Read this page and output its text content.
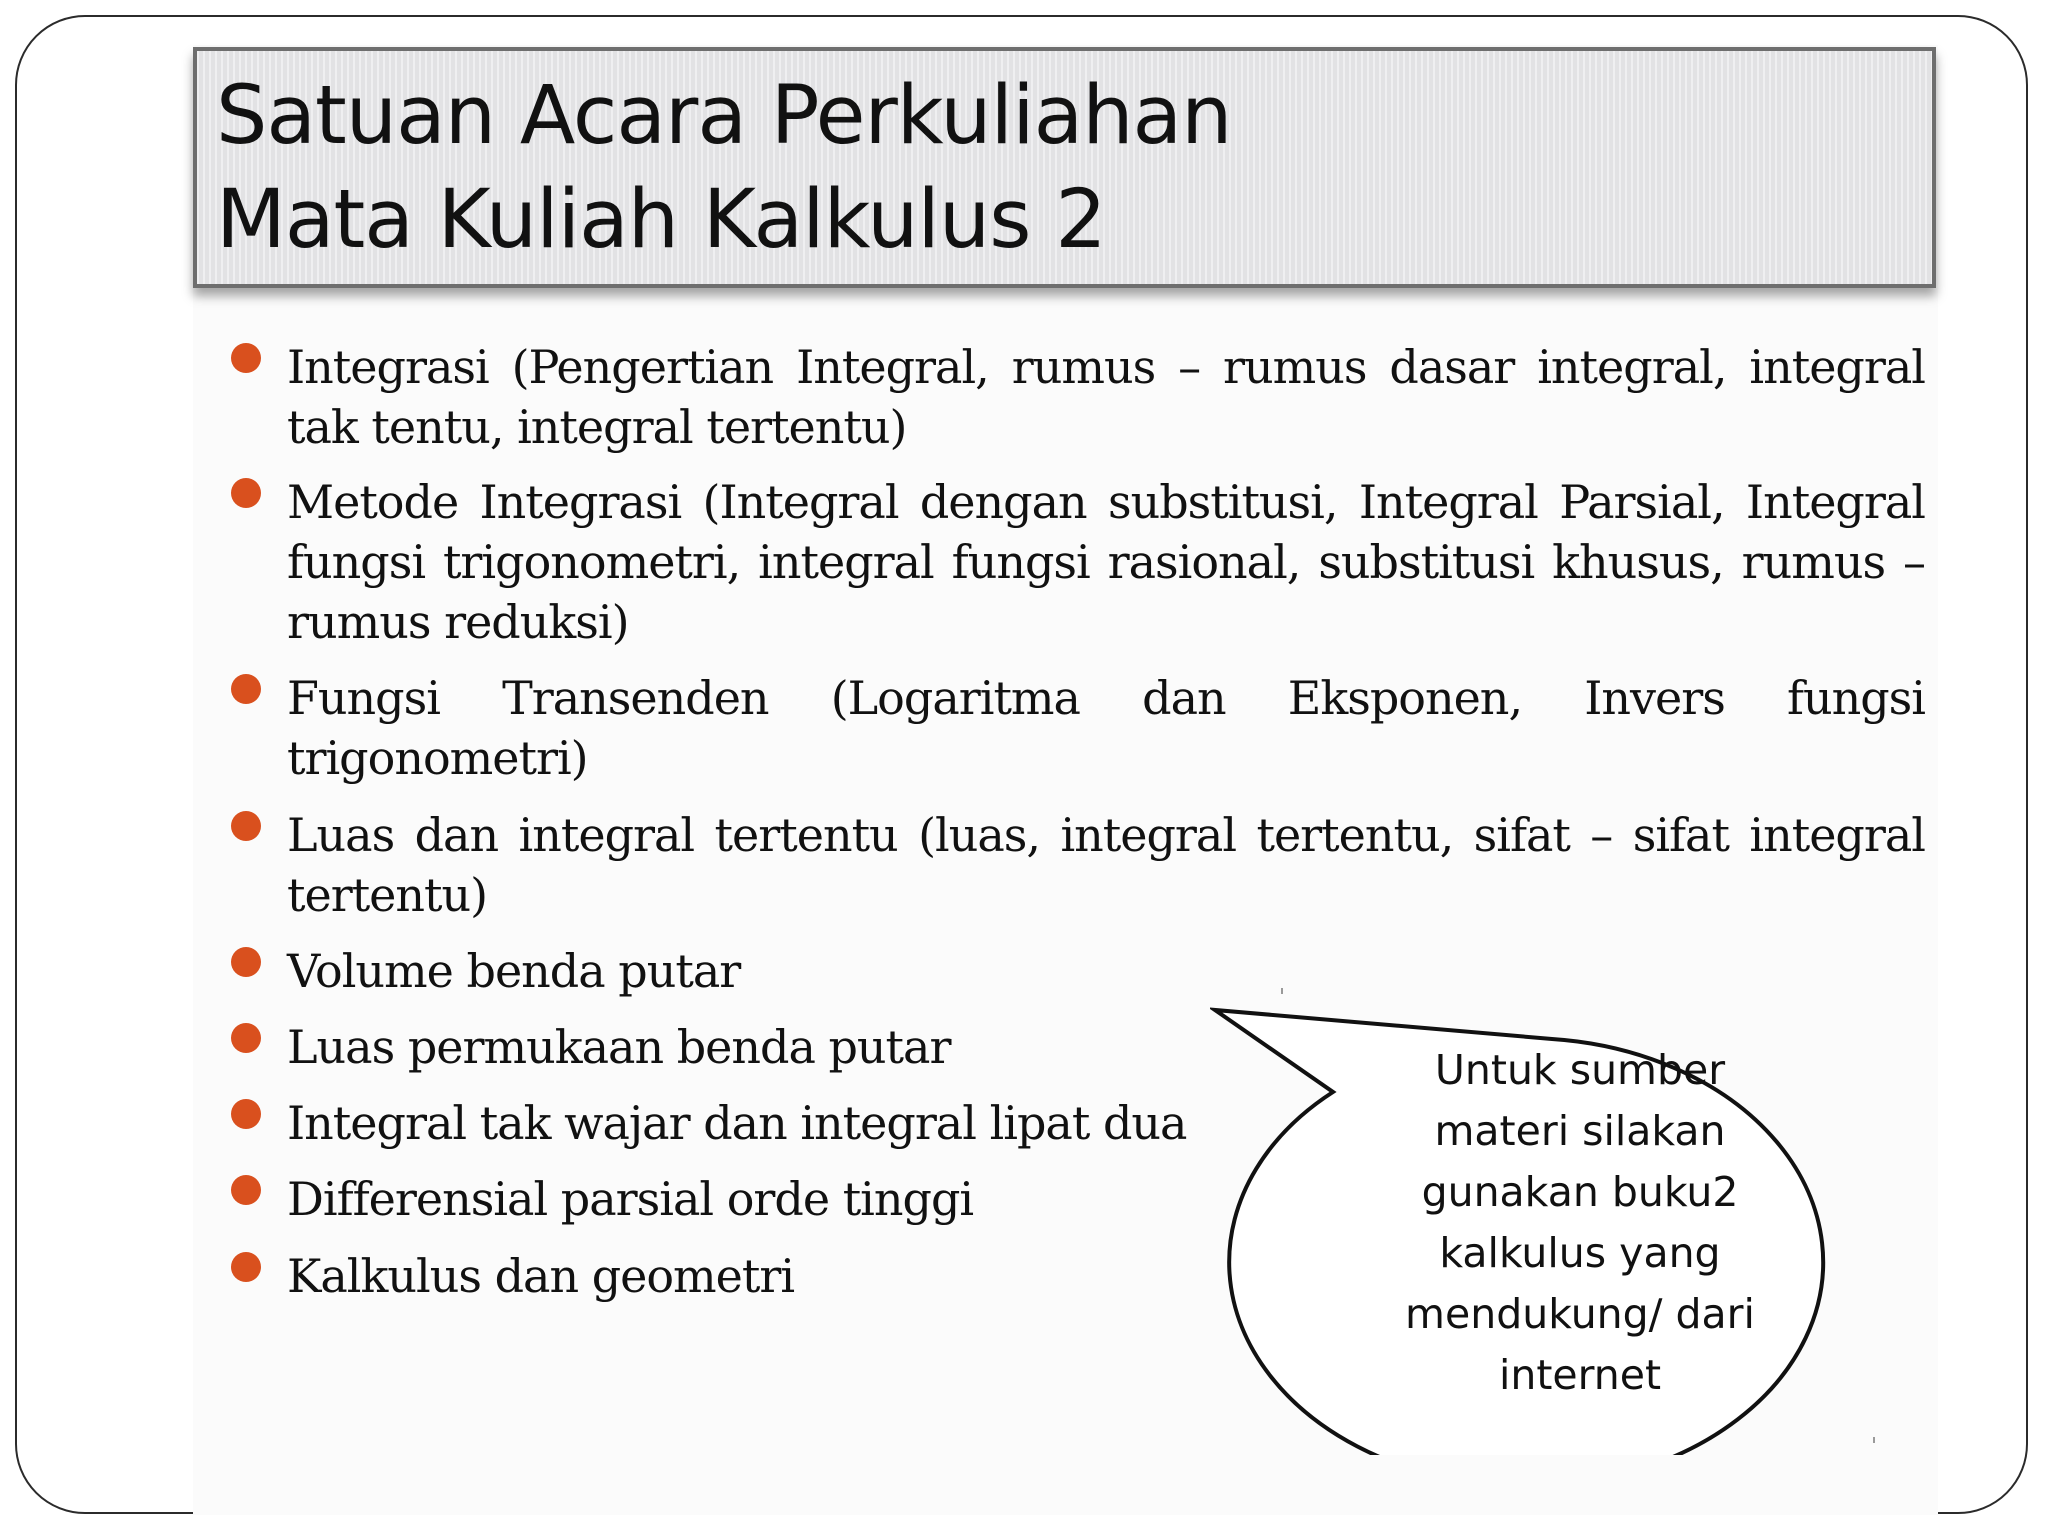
Satuan Acara Perkuliahan
Mata Kuliah Kalkulus 2
Integrasi (Pengertian Integral, rumus – rumus dasar integral, integral tak tentu, integral tertentu)
Metode Integrasi (Integral dengan substitusi, Integral Parsial, Integral fungsi trigonometri, integral fungsi rasional, substitusi khusus, rumus – rumus reduksi)
Fungsi Transenden (Logaritma dan Eksponen, Invers fungsi trigonometri)
Luas dan integral tertentu (luas, integral tertentu, sifat – sifat integral tertentu)
Volume benda putar
Luas permukaan benda putar
Integral tak wajar dan integral lipat dua
Differensial parsial orde tinggi
Kalkulus dan geometri
Untuk sumber
materi silakan
gunakan buku2
kalkulus yang
mendukung/ dari
internet
